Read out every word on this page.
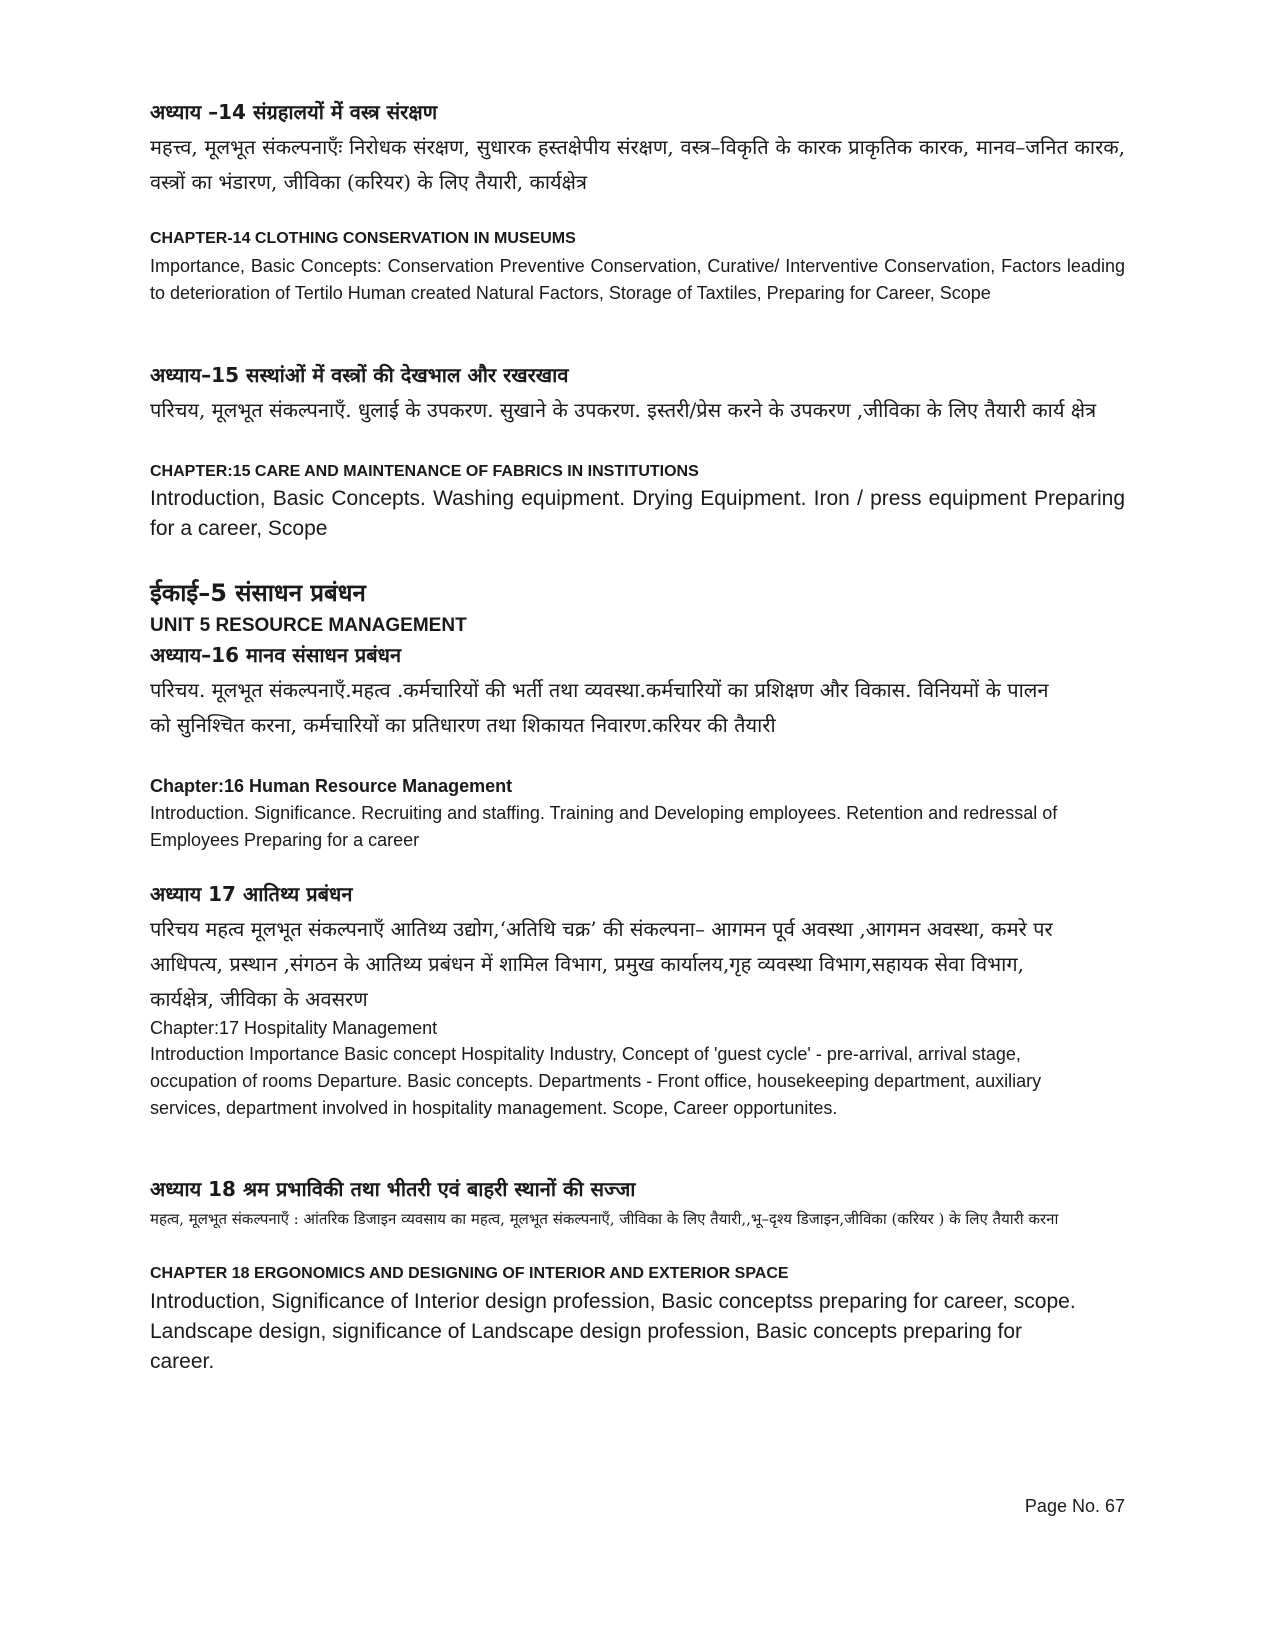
अध्याय –14 संग्रहालयों में वस्त्र संरक्षण
महत्त्व, मूलभूत संकल्पनाएँः निरोधक संरक्षण, सुधारक हस्तक्षेपीय संरक्षण, वस्त्र–विकृति के कारक प्राकृतिक कारक, मानव–जनित कारक, वस्त्रों का भंडारण, जीविका (करियर) के लिए तैयारी, कार्यक्षेत्र
CHAPTER-14 CLOTHING CONSERVATION IN MUSEUMS
Importance, Basic Concepts: Conservation Preventive Conservation, Curative/ Interventive Conservation, Factors leading to deterioration of Tertilo Human created Natural Factors, Storage of Taxtiles, Preparing for Career, Scope
अध्याय–15 सस्थांओं में वस्त्रों की देखभाल और रखरखाव
परिचय, मूलभूत संकल्पनाएँ. धुलाई के उपकरण. सुखाने के उपकरण. इस्तरी/प्रेस करने के उपकरण ,जीविका के लिए तैयारी कार्य क्षेत्र
CHAPTER:15 CARE AND MAINTENANCE OF FABRICS IN INSTITUTIONS
Introduction, Basic Concepts. Washing equipment. Drying Equipment. Iron / press equipment Preparing for a career, Scope
ईकाई–5 संसाधन प्रबंधन
UNIT 5 RESOURCE MANAGEMENT
अध्याय–16 मानव संसाधन प्रबंधन
परिचय. मूलभूत संकल्पनाएँ.महत्व .कर्मचारियों की भर्ती तथा व्यवस्था.कर्मचारियों का प्रशिक्षण और विकास. विनियमों के पालन को सुनिश्चित करना, कर्मचारियों का प्रतिधारण तथा शिकायत निवारण.करियर की तैयारी
Chapter:16 Human Resource Management
Introduction. Significance. Recruiting and staffing. Training and Developing employees. Retention and redressal of Employees Preparing for a career
अध्याय 17 आतिथ्य प्रबंधन
परिचय महत्व मूलभूत संकल्पनाएँ आतिथ्य उद्योग,‘अतिथि चक्र’ की संकल्पना– आगमन पूर्व अवस्था ,आगमन अवस्था, कमरे पर आधिपत्य, प्रस्थान ,संगठन के आतिथ्य प्रबंधन में शामिल विभाग, प्रमुख कार्यालय,गृह व्यवस्था विभाग,सहायक सेवा विभाग, कार्यक्षेत्र, जीविका के अवसरण
Chapter:17 Hospitality Management
Introduction Importance Basic concept Hospitality Industry, Concept of 'guest cycle' - pre-arrival, arrival stage, occupation of rooms Departure. Basic concepts. Departments - Front office, housekeeping department, auxiliary services, department involved in hospitality management. Scope, Career opportunites.
अध्याय 18 श्रम प्रभाविकी तथा भीतरी एवं बाहरी स्थानों की सज्जा
महत्व, मूलभूत संकल्पनाएँ : आंतरिक डिजाइन व्यवसाय का महत्व, मूलभूत संकल्पनाएँ, जीविका के लिए तैयारी,,भू–दृश्य डिजाइन,जीविका (करियर ) के लिए तैयारी करना
CHAPTER 18 ERGONOMICS AND DESIGNING OF INTERIOR AND EXTERIOR SPACE
Introduction, Significance of Interior design profession, Basic conceptss preparing for career, scope. Landscape design, significance of Landscape design profession, Basic concepts preparing for career.
Page No. 67
